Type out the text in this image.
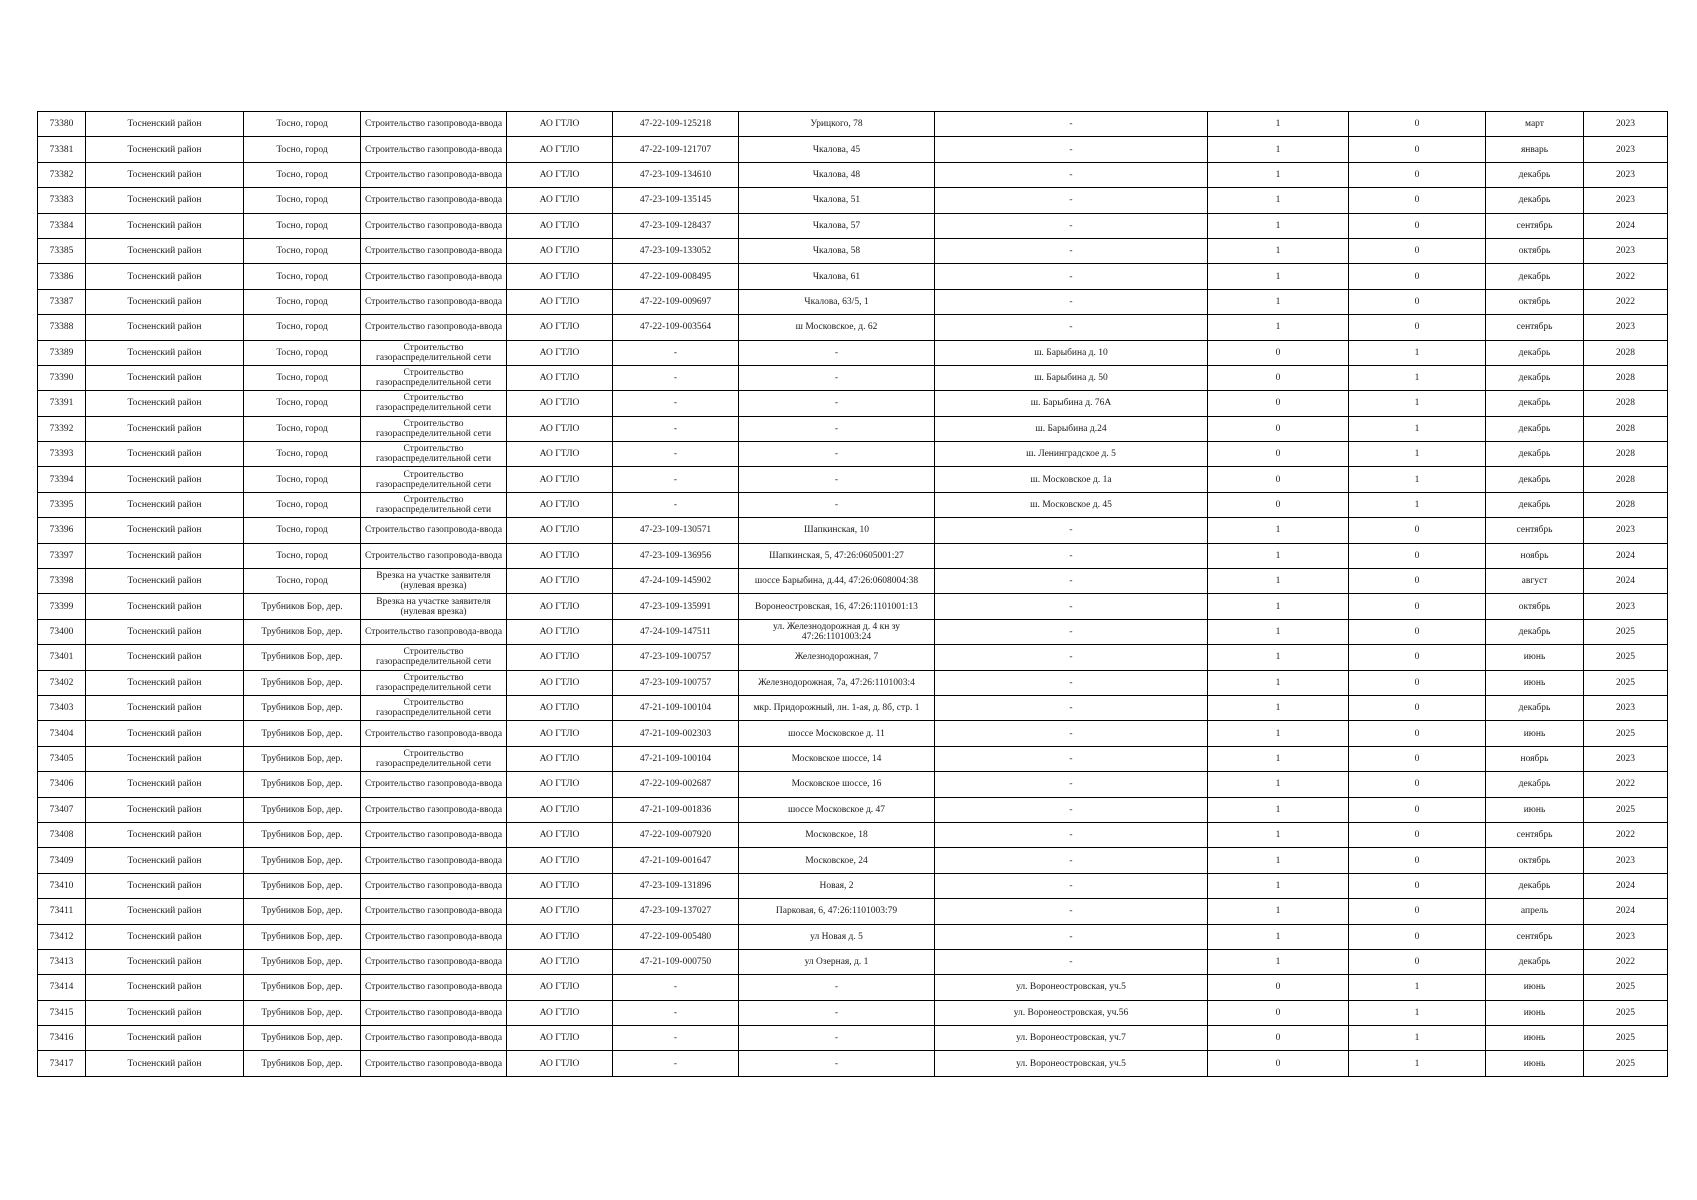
73380	Тосненский район	Тосно, город	Строительство газопровода-ввода	АО ГТЛО	47-22-109-125218	Урицкого, 78	-	1	0	март	2023
73381	Тосненский район	Тосно, город	Строительство газопровода-ввода	АО ГТЛО	47-22-109-121707	Чкалова, 45	-	1	0	январь	2023
73382	Тосненский район	Тосно, город	Строительство газопровода-ввода	АО ГТЛО	47-23-109-134610	Чкалова, 48	-	1	0	декабрь	2023
73383	Тосненский район	Тосно, город	Строительство газопровода-ввода	АО ГТЛО	47-23-109-135145	Чкалова, 51	-	1	0	декабрь	2023
73384	Тосненский район	Тосно, город	Строительство газопровода-ввода	АО ГТЛО	47-23-109-128437	Чкалова, 57	-	1	0	сентябрь	2024
73385	Тосненский район	Тосно, город	Строительство газопровода-ввода	АО ГТЛО	47-23-109-133052	Чкалова, 58	-	1	0	октябрь	2023
73386	Тосненский район	Тосно, город	Строительство газопровода-ввода	АО ГТЛО	47-22-109-008495	Чкалова, 61	-	1	0	декабрь	2022
73387	Тосненский район	Тосно, город	Строительство газопровода-ввода	АО ГТЛО	47-22-109-009697	Чкалова, 63/5, 1	-	1	0	октябрь	2022
73388	Тосненский район	Тосно, город	Строительство газопровода-ввода	АО ГТЛО	47-22-109-003564	ш Московское, д. 62	-	1	0	сентябрь	2023
73389	Тосненский район	Тосно, город	Строительство газораспределительной сети	АО ГТЛО	-	-	ш. Барыбина д. 10	0	1	декабрь	2028
73390	Тосненский район	Тосно, город	Строительство газораспределительной сети	АО ГТЛО	-	-	ш. Барыбина д. 50	0	1	декабрь	2028
73391	Тосненский район	Тосно, город	Строительство газораспределительной сети	АО ГТЛО	-	-	ш. Барыбина д. 76А	0	1	декабрь	2028
73392	Тосненский район	Тосно, город	Строительство газораспределительной сети	АО ГТЛО	-	-	ш. Барыбина д.24	0	1	декабрь	2028
73393	Тосненский район	Тосно, город	Строительство газораспределительной сети	АО ГТЛО	-	-	ш. Ленинградское д. 5	0	1	декабрь	2028
73394	Тосненский район	Тосно, город	Строительство газораспределительной сети	АО ГТЛО	-	-	ш. Московское д. 1а	0	1	декабрь	2028
73395	Тосненский район	Тосно, город	Строительство газораспределительной сети	АО ГТЛО	-	-	ш. Московское д. 45	0	1	декабрь	2028
73396	Тосненский район	Тосно, город	Строительство газопровода-ввода	АО ГТЛО	47-23-109-130571	Шапкинская, 10	-	1	0	сентябрь	2023
73397	Тосненский район	Тосно, город	Строительство газопровода-ввода	АО ГТЛО	47-23-109-136956	Шапкинская, 5, 47:26:0605001:27	-	1	0	ноябрь	2024
73398	Тосненский район	Тосно, город	Врезка на участке заявителя (нулевая врезка)	АО ГТЛО	47-24-109-145902	шоссе Барыбина, д.44, 47:26:0608004:38	-	1	0	август	2024
73399	Тосненский район	Трубников Бор, дер.	Врезка на участке заявителя (нулевая врезка)	АО ГТЛО	47-23-109-135991	Воронеостровская, 16, 47:26:1101001:13	-	1	0	октябрь	2023
73400	Тосненский район	Трубников Бор, дер.	Строительство газопровода-ввода	АО ГТЛО	47-24-109-147511	ул. Железнодорожная д. 4 кн зу 47:26:1101003:24	-	1	0	декабрь	2025
73401	Тосненский район	Трубников Бор, дер.	Строительство газораспределительной сети	АО ГТЛО	47-23-109-100757	Железнодорожная, 7	-	1	0	июнь	2025
73402	Тосненский район	Трубников Бор, дер.	Строительство газораспределительной сети	АО ГТЛО	47-23-109-100757	Железнодорожная, 7а, 47:26:1101003:4	-	1	0	июнь	2025
73403	Тосненский район	Трубников Бор, дер.	Строительство газораспределительной сети	АО ГТЛО	47-21-109-100104	мкр. Придорожный, лн. 1-ая, д. 8б, стр. 1	-	1	0	декабрь	2023
73404	Тосненский район	Трубников Бор, дер.	Строительство газопровода-ввода	АО ГТЛО	47-21-109-002303	шоссе Московское д. 11	-	1	0	июнь	2025
73405	Тосненский район	Трубников Бор, дер.	Строительство газораспределительной сети	АО ГТЛО	47-21-109-100104	Московское шоссе, 14	-	1	0	ноябрь	2023
73406	Тосненский район	Трубников Бор, дер.	Строительство газопровода-ввода	АО ГТЛО	47-22-109-002687	Московское шоссе, 16	-	1	0	декабрь	2022
73407	Тосненский район	Трубников Бор, дер.	Строительство газопровода-ввода	АО ГТЛО	47-21-109-001836	шоссе Московское д. 47	-	1	0	июнь	2025
73408	Тосненский район	Трубников Бор, дер.	Строительство газопровода-ввода	АО ГТЛО	47-22-109-007920	Московское, 18	-	1	0	сентябрь	2022
73409	Тосненский район	Трубников Бор, дер.	Строительство газопровода-ввода	АО ГТЛО	47-21-109-001647	Московское, 24	-	1	0	октябрь	2023
73410	Тосненский район	Трубников Бор, дер.	Строительство газопровода-ввода	АО ГТЛО	47-23-109-131896	Новая, 2	-	1	0	декабрь	2024
73411	Тосненский район	Трубников Бор, дер.	Строительство газопровода-ввода	АО ГТЛО	47-23-109-137027	Парковая, 6, 47:26:1101003:79	-	1	0	апрель	2024
73412	Тосненский район	Трубников Бор, дер.	Строительство газопровода-ввода	АО ГТЛО	47-22-109-005480	ул Новая д. 5	-	1	0	сентябрь	2023
73413	Тосненский район	Трубников Бор, дер.	Строительство газопровода-ввода	АО ГТЛО	47-21-109-000750	ул Озерная, д. 1	-	1	0	декабрь	2022
73414	Тосненский район	Трубников Бор, дер.	Строительство газопровода-ввода	АО ГТЛО	-	-	ул. Воронеостровская, уч.5	0	1	июнь	2025
73415	Тосненский район	Трубников Бор, дер.	Строительство газопровода-ввода	АО ГТЛО	-	-	ул. Воронеостровская, уч.56	0	1	июнь	2025
73416	Тосненский район	Трубников Бор, дер.	Строительство газопровода-ввода	АО ГТЛО	-	-	ул. Воронеостровская, уч.7	0	1	июнь	2025
73417	Тосненский район	Трубников Бор, дер.	Строительство газопровода-ввода	АО ГТЛО	-	-	ул. Воронеостровская, уч.5	0	1	июнь	2025
